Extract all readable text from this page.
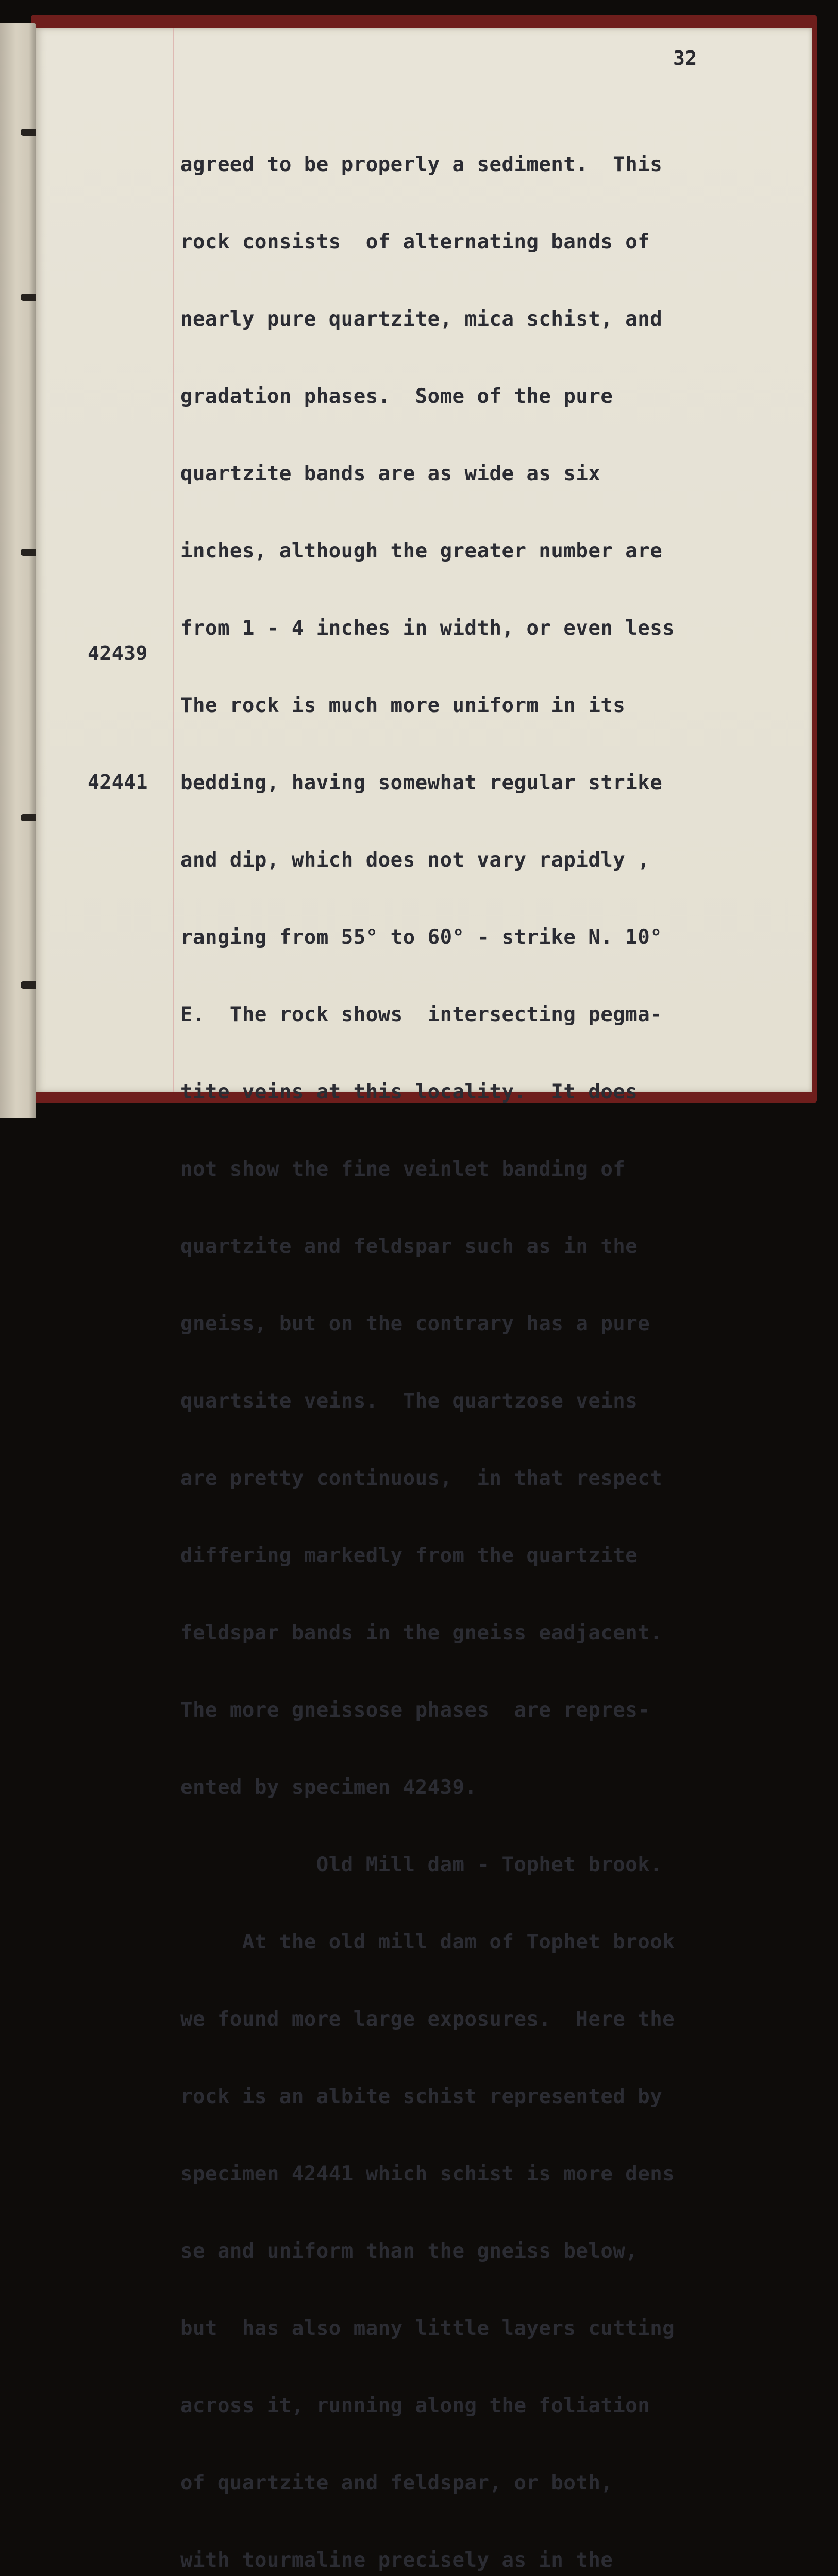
32

42439

42441

agreed to be properly a sediment.  This

rock consists  of alternating bands of

nearly pure quartzite, mica schist, and

gradation phases.  Some of the pure

quartzite bands are as wide as six

inches, although the greater number are

from 1 - 4 inches in width, or even less

The rock is much more uniform in its

bedding, having somewhat regular strike

and dip, which does not vary rapidly ,

ranging from 55° to 60° - strike N. 10°

E.  The rock shows  intersecting pegma-

tite veins at this locality.  It does

not show the fine veinlet banding of

quartzite and feldspar such as in the

gneiss, but on the contrary has a pure

quartsite veins.  The quartzose veins

are pretty continuous,  in that respect

differing markedly from the quartzite

feldspar bands in the gneiss eadjacent.

The more gneissose phases  are repres-

ented by specimen 42439.

Old Mill dam - Tophet brook.

At the old mill dam of Tophet brook

we found more large exposures.  Here the

rock is an albite schist represented by

specimen 42441 which schist is more dens

se and uniform than the gneiss below,

but  has also many little layers cutting

across it, running along the foliation

of quartzite and feldspar, or both,

with tourmaline precisely as in the
